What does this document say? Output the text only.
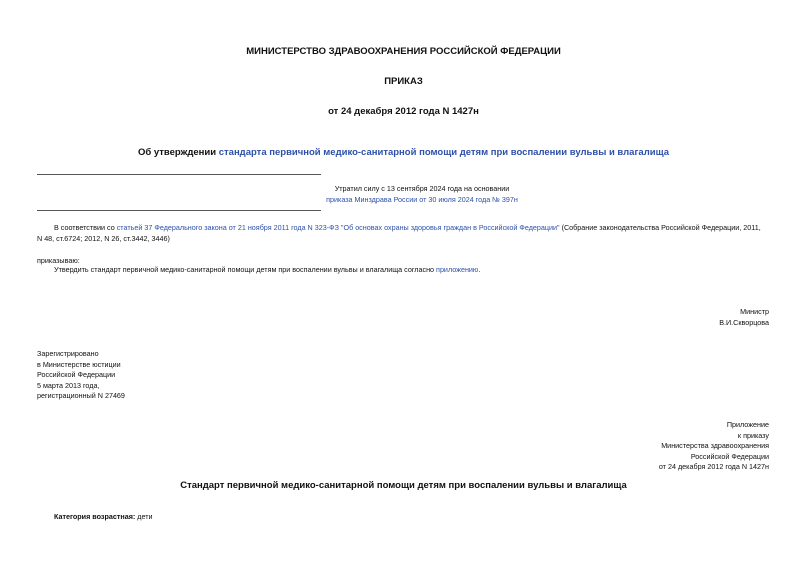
МИНИСТЕРСТВО ЗДРАВООХРАНЕНИЯ РОССИЙСКОЙ ФЕДЕРАЦИИ
ПРИКАЗ
от 24 декабря 2012 года N 1427н
Об утверждении стандарта первичной медико-санитарной помощи детям при воспалении вульвы и влагалища
Утратил силу с 13 сентября 2024 года на основании
приказа Минздрава России от 30 июля 2024 года № 397н
В соответствии со статьей 37 Федерального закона от 21 ноября 2011 года N 323-ФЗ "Об основах охраны здоровья граждан в Российской Федерации" (Собрание законодательства Российской Федерации, 2011,
N 48, ст.6724; 2012, N 26, ст.3442, 3446)
приказываю:
Утвердить стандарт первичной медико-санитарной помощи детям при воспалении вульвы и влагалища согласно приложению.
Министр
В.И.Скворцова
Зарегистрировано
в Министерстве юстиции
Российской Федерации
5 марта 2013 года,
регистрационный N 27469
Приложение
к приказу
Министерства здравоохранения
Российской Федерации
от 24 декабря 2012 года N 1427н
Стандарт первичной медико-санитарной помощи детям при воспалении вульвы и влагалища
Категория возрастная: дети
